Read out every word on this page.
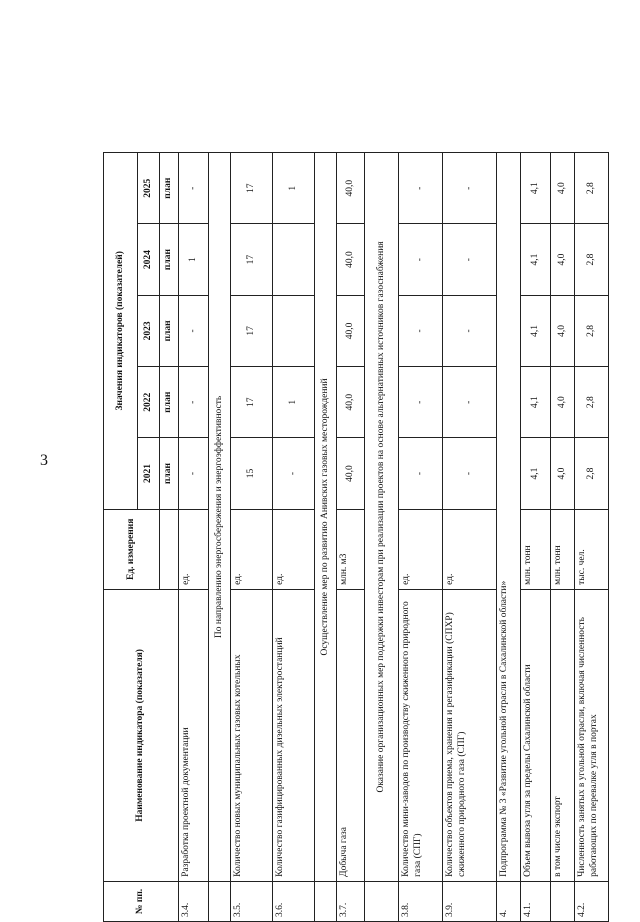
3
№ пп.	Наименование индикатора (показателя)	Ед. измерения	Значения индикаторов (показателей)				
			2021	2022	2023	2024	2025
			план	план	план	план	план
3.4.	Разработка проектной документации	ед.	-	-	-	1	-
	По направлению энергосбережения и энергоэффективность						
3.5.	Количество новых муниципальных газовых котельных	ед.	15	17	17	17	17
3.6.	Количество газифицированных дизельных электростанций	ед.	-	1			1
	Осуществление мер по развитию Анивских газовых месторождений						
3.7.	Добыча газа	млн. м3	40,0	40,0	40,0	40,0	40,0
	Оказание организационных мер поддержки инвесторам при реализации проектов на основе альтернативных источников газоснабжения						
3.8.	Количество мини-заводов по производству сжиженного природного газа (СПГ)	ед.	-	-	-	-	-
3.9.	Количество объектов приема, хранения и регазификации (СПХР) сжиженного природного газа (СПГ)	ед.	-	-	-	-	-
4.	Подпрограмма № 3 «Развитие угольной отрасли в Сахалинской области»						
4.1.	Объем вывоза угля за пределы Сахалинской области	млн. тонн	4,1	4,1	4,1	4,1	4,1
	в том числе экспорт	млн. тонн	4,0	4,0	4,0	4,0	4,0
4.2.	Численность занятых в угольной отрасли, включая численность работающих по перевалке угля в портах	тыс. чел.	2,8	2,8	2,8	2,8	2,8
